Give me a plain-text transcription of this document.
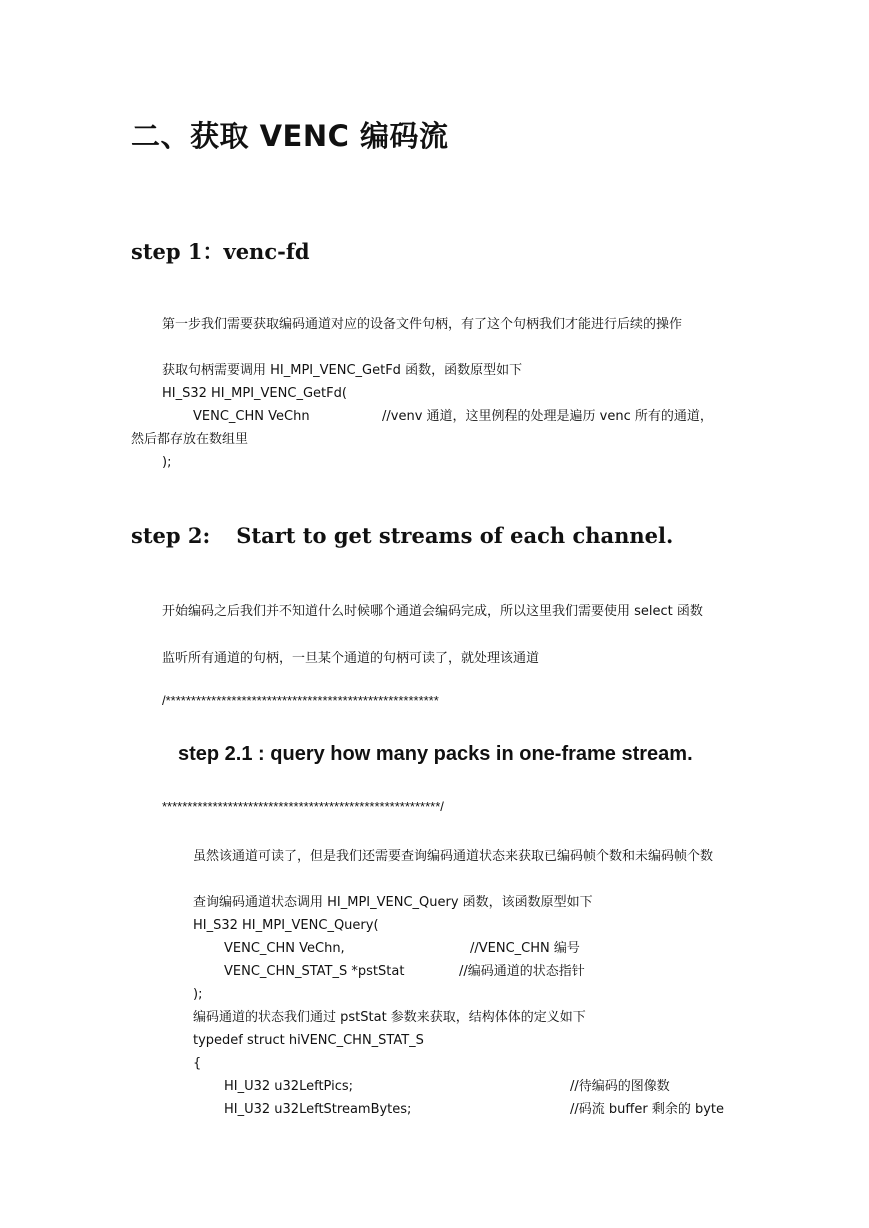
二、获取 VENC 编码流
step 1：venc-fd
第一步我们需要获取编码通道对应的设备文件句柄，有了这个句柄我们才能进行后续的操作
获取句柄需要调用 HI_MPI_VENC_GetFd 函数，函数原型如下
HI_S32 HI_MPI_VENC_GetFd(
VENC_CHN VeChn	//venv 通道，这里例程的处理是遍历 venc 所有的通道，
然后都存放在数组里
);
step 2: Start to get streams of each channel.
开始编码之后我们并不知道什么时候哪个通道会编码完成，所以这里我们需要使用 select 函数
监听所有通道的句柄，一旦某个通道的句柄可读了，就处理该通道
/******************************************************
step 2.1 : query how many packs in one-frame stream.
*******************************************************/
虽然该通道可读了，但是我们还需要查询编码通道状态来获取已编码帧个数和未编码帧个数
查询编码通道状态调用 HI_MPI_VENC_Query 函数，该函数原型如下
HI_S32 HI_MPI_VENC_Query(
VENC_CHN VeChn,	//VENC_CHN 编号
VENC_CHN_STAT_S *pstStat	//编码通道的状态指针
);
编码通道的状态我们通过 pstStat 参数来获取，结构体体的定义如下
typedef struct hiVENC_CHN_STAT_S
{
HI_U32 u32LeftPics;	//待编码的图像数
HI_U32 u32LeftStreamBytes;	//码流 buffer 剩余的 byte
